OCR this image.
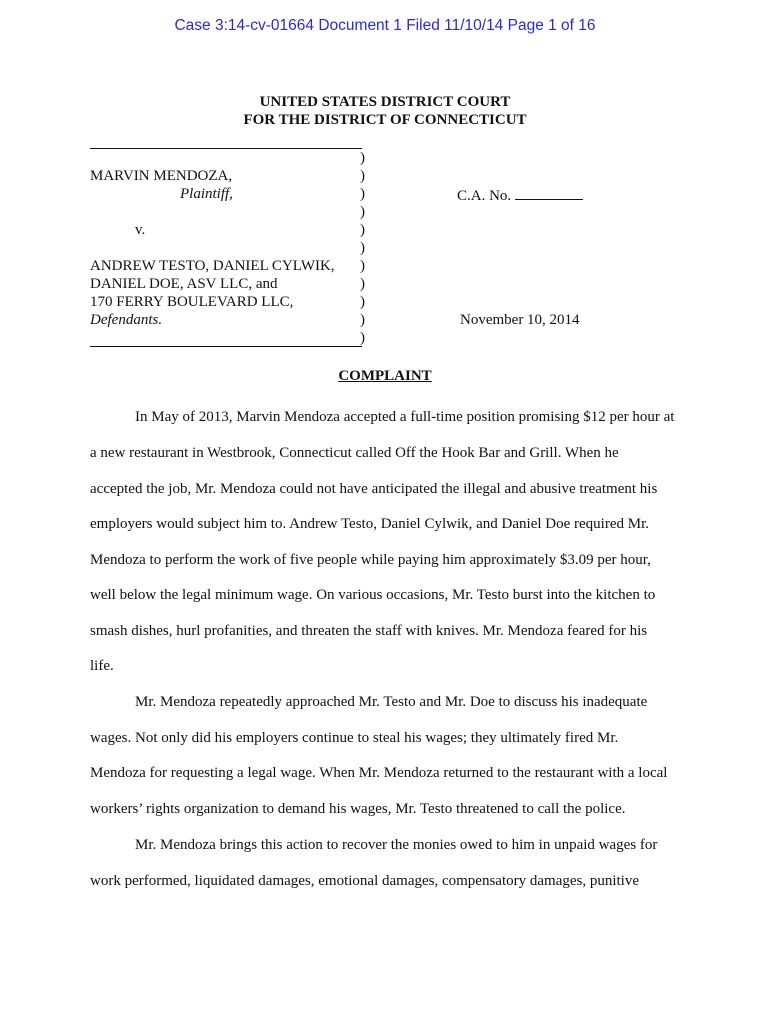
Case 3:14-cv-01664 Document 1 Filed 11/10/14 Page 1 of 16
UNITED STATES DISTRICT COURT
FOR THE DISTRICT OF CONNECTICUT
)
)
)
)
)
)
)
)
)
)
)
MARVIN MENDOZA,
Plaintiff,
v.
ANDREW TESTO, DANIEL CYLWIK,
DANIEL DOE, ASV LLC, and
170 FERRY BOULEVARD LLC,
Defendants.
C.A. No.
November 10, 2014
COMPLAINT
In May of 2013, Marvin Mendoza accepted a full-time position promising $12 per hour at
a new restaurant in Westbrook, Connecticut called Off the Hook Bar and Grill. When he
accepted the job, Mr. Mendoza could not have anticipated the illegal and abusive treatment his
employers would subject him to. Andrew Testo, Daniel Cylwik, and Daniel Doe required Mr.
Mendoza to perform the work of five people while paying him approximately $3.09 per hour,
well below the legal minimum wage. On various occasions, Mr. Testo burst into the kitchen to
smash dishes, hurl profanities, and threaten the staff with knives. Mr. Mendoza feared for his
life.
Mr. Mendoza repeatedly approached Mr. Testo and Mr. Doe to discuss his inadequate
wages. Not only did his employers continue to steal his wages; they ultimately fired Mr.
Mendoza for requesting a legal wage. When Mr. Mendoza returned to the restaurant with a local
workers’ rights organization to demand his wages, Mr. Testo threatened to call the police.
Mr. Mendoza brings this action to recover the monies owed to him in unpaid wages for
work performed, liquidated damages, emotional damages, compensatory damages, punitive
